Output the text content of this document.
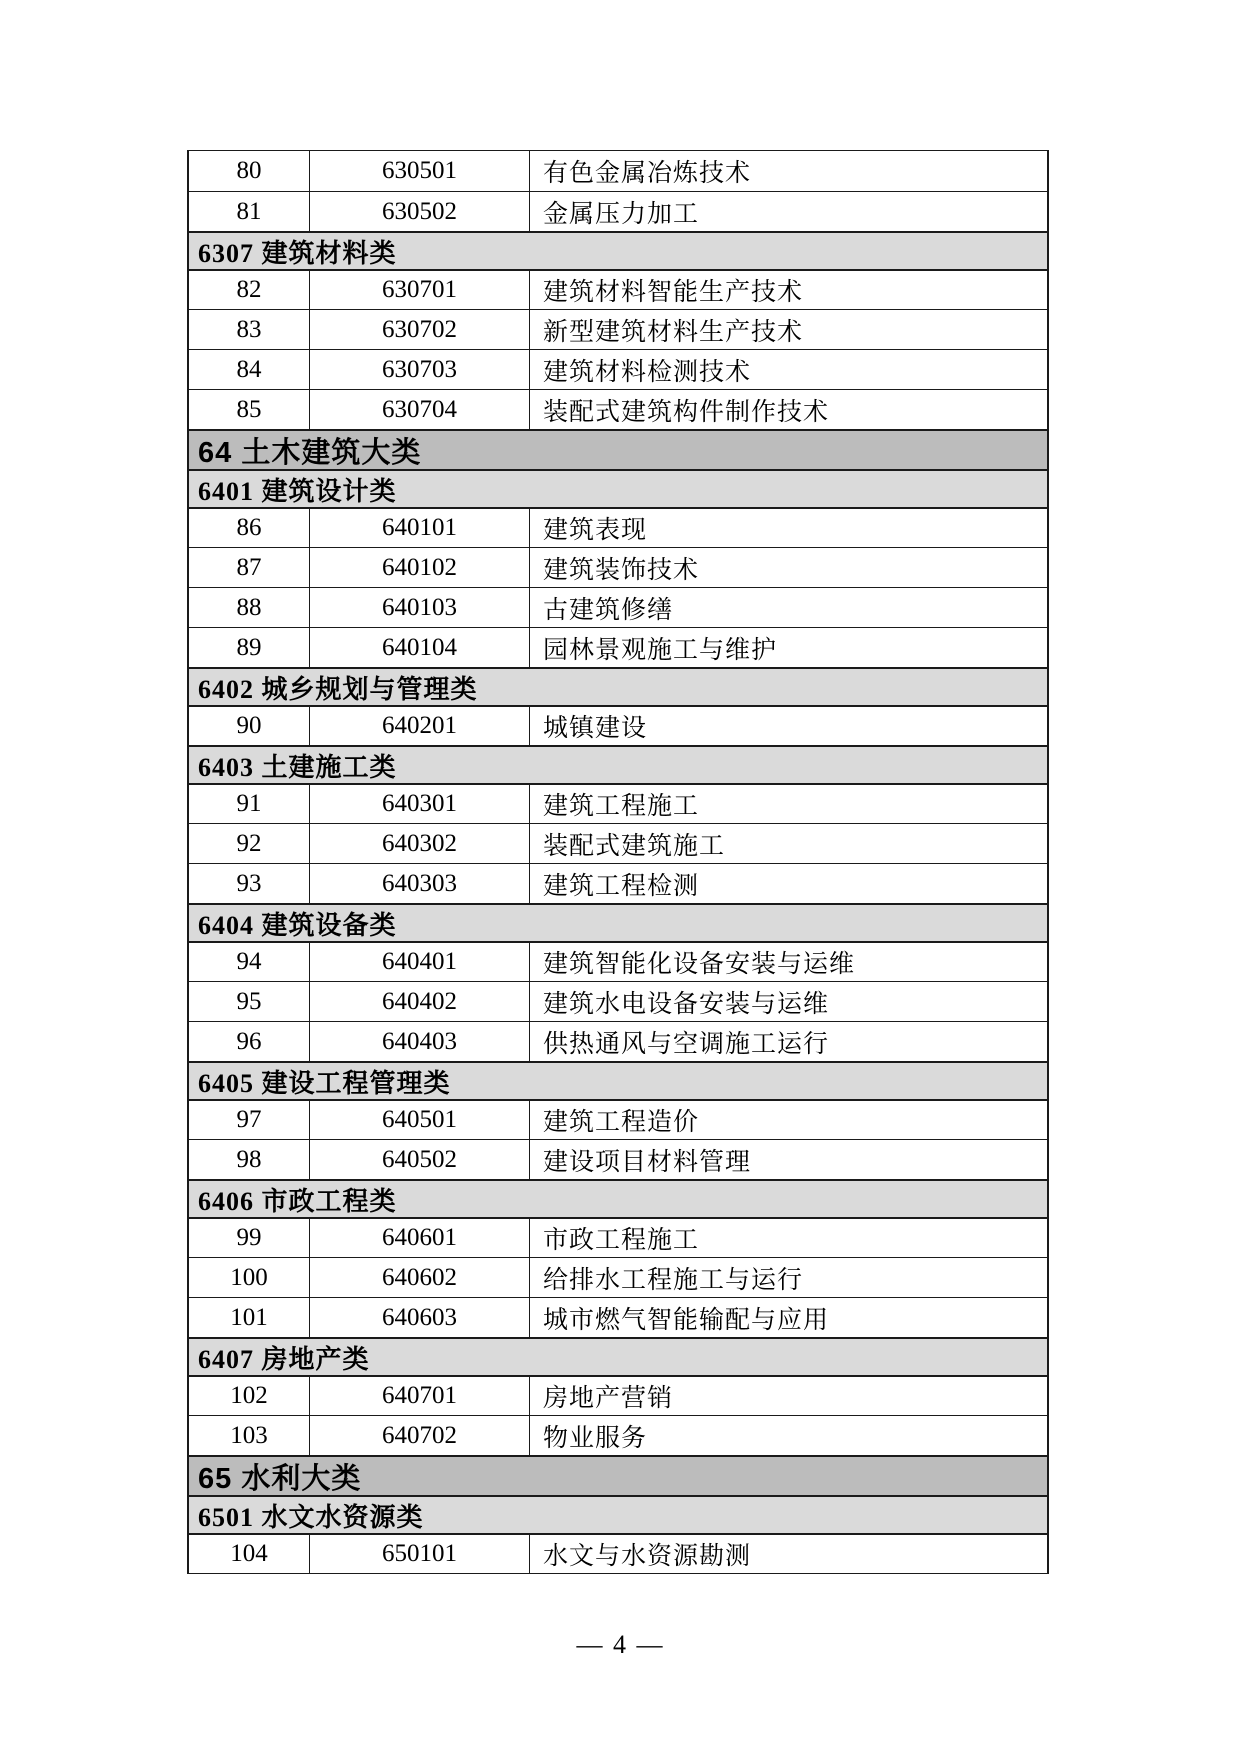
80	630501	有色金属冶炼技术
81	630502	金属压力加工
6307 建筑材料类
82	630701	建筑材料智能生产技术
83	630702	新型建筑材料生产技术
84	630703	建筑材料检测技术
85	630704	装配式建筑构件制作技术
64 土木建筑大类
6401 建筑设计类
86	640101	建筑表现
87	640102	建筑装饰技术
88	640103	古建筑修缮
89	640104	园林景观施工与维护
6402 城乡规划与管理类
90	640201	城镇建设
6403 土建施工类
91	640301	建筑工程施工
92	640302	装配式建筑施工
93	640303	建筑工程检测
6404 建筑设备类
94	640401	建筑智能化设备安装与运维
95	640402	建筑水电设备安装与运维
96	640403	供热通风与空调施工运行
6405 建设工程管理类
97	640501	建筑工程造价
98	640502	建设项目材料管理
6406 市政工程类
99	640601	市政工程施工
100	640602	给排水工程施工与运行
101	640603	城市燃气智能输配与应用
6407 房地产类
102	640701	房地产营销
103	640702	物业服务
65 水利大类
6501 水文水资源类
104	650101	水文与水资源勘测
— 4 —
